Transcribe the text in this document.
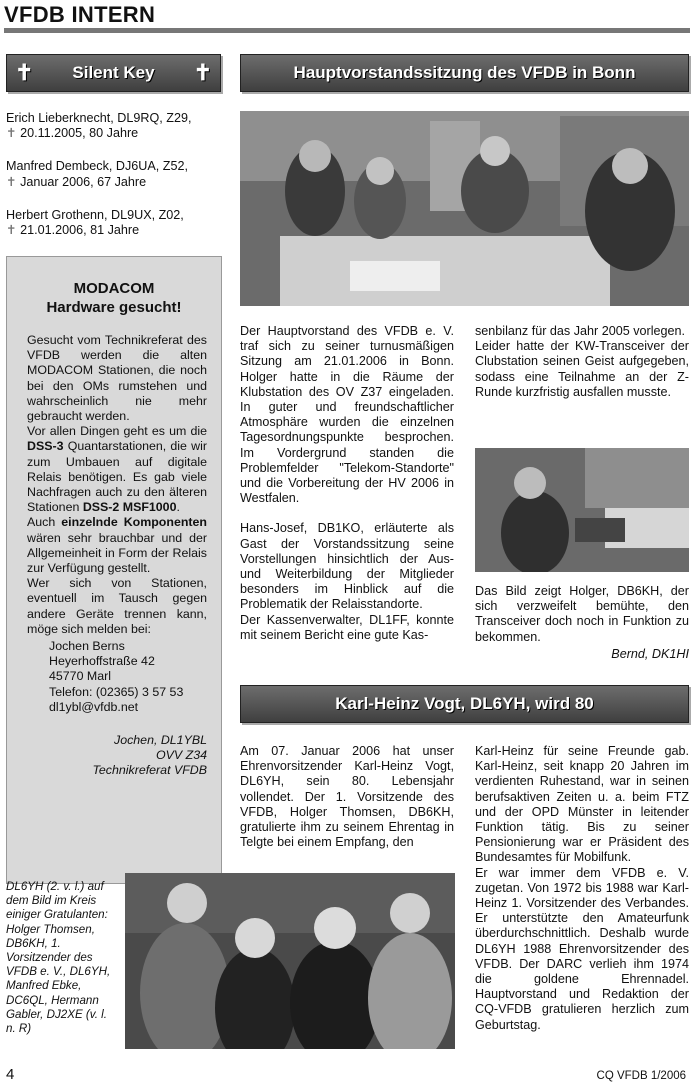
VFDB INTERN
✝ Silent Key ✝
Erich Lieberknecht, DL9RQ, Z29,
✝ 20.11.2005, 80 Jahre
Manfred Dembeck, DJ6UA, Z52,
✝ Januar 2006, 67 Jahre
Herbert Grothenn, DL9UX, Z02,
✝ 21.01.2006, 81 Jahre
MODACOM
Hardware gesucht!
Gesucht vom Technikreferat des VFDB werden die alten MODACOM Stationen, die noch bei den OMs rumstehen und wahrscheinlich nie mehr gebraucht werden.
Vor allen Dingen geht es um die DSS-3 Quantarstationen, die wir zum Umbauen auf digitale Relais benötigen. Es gab viele Nachfragen auch zu den älteren Stationen DSS-2 MSF1000.
Auch einzelnde Komponenten wären sehr brauchbar und der Allgemeinheit in Form der Relais zur Verfügung gestellt.
Wer sich von Stationen, eventuell im Tausch gegen andere Geräte trennen kann, möge sich melden bei:
Jochen Berns
Heyerhoffstraße 42
45770 Marl
Telefon: (02365) 3 57 53
dl1ybl@vfdb.net
Jochen, DL1YBL
OVV Z34
Technikreferat VFDB
Hauptvorstandssitzung des VFDB in Bonn
Der Hauptvorstand des VFDB e. V. traf sich zu seiner turnusmäßigen Sitzung am 21.01.2006 in Bonn. Holger hatte in die Räume der Klubstation des OV Z37 eingeladen. In guter und freundschaftlicher Atmosphäre wurden die einzelnen Tagesordnungspunkte besprochen. Im Vordergrund standen die Problemfelder "Telekom-Standorte" und die Vorbereitung der HV 2006 in Westfalen.
Hans-Josef, DB1KO, erläuterte als Gast der Vorstandssitzung seine Vorstellungen hinsichtlich der Aus- und Weiterbildung der Mitglieder besonders im Hinblick auf die Problematik der Relaisstandorte.
Der Kassenverwalter, DL1FF, konnte mit seinem Bericht eine gute Kas-
senbilanz für das Jahr 2005 vorlegen.
Leider hatte der KW-Transceiver der Clubstation seinen Geist aufgegeben, sodass eine Teilnahme an der Z-Runde kurzfristig ausfallen musste.
Das Bild zeigt Holger, DB6KH, der sich verzweifelt bemühte, den Transceiver doch noch in Funktion zu bekommen.
Bernd, DK1HI
Karl-Heinz Vogt, DL6YH, wird 80
Am 07. Januar 2006 hat unser Ehrenvorsitzender Karl-Heinz Vogt, DL6YH, sein 80. Lebensjahr vollendet. Der 1. Vorsitzende des VFDB, Holger Thomsen, DB6KH, gratulierte ihm zu seinem Ehrentag in Telgte bei einem Empfang, den
Karl-Heinz für seine Freunde gab. Karl-Heinz, seit knapp 20 Jahren im verdienten Ruhestand, war in seinen berufsaktiven Zeiten u. a. beim FTZ und der OPD Münster in leitender Funktion tätig. Bis zu seiner Pensionierung war er Präsident des Bundesamtes für Mobilfunk.
Er war immer dem VFDB e. V. zugetan. Von 1972 bis 1988 war Karl-Heinz 1. Vorsitzender des Verbandes. Er unterstützte den Amateurfunk überdurchschnittlich. Deshalb wurde DL6YH 1988 Ehrenvorsitzender des VFDB. Der DARC verlieh ihm 1974 die goldene Ehrennadel. Hauptvorstand und Redaktion der CQ-VFDB gratulieren herzlich zum Geburtstag.
DL6YH (2. v. l.) auf dem Bild im Kreis einiger Gratulanten: Holger Thomsen, DB6KH, 1. Vorsitzender des VFDB e. V., DL6YH, Manfred Ebke, DC6QL, Hermann Gabler, DJ2XE (v. l. n. R)
4	CQ VFDB 1/2006
